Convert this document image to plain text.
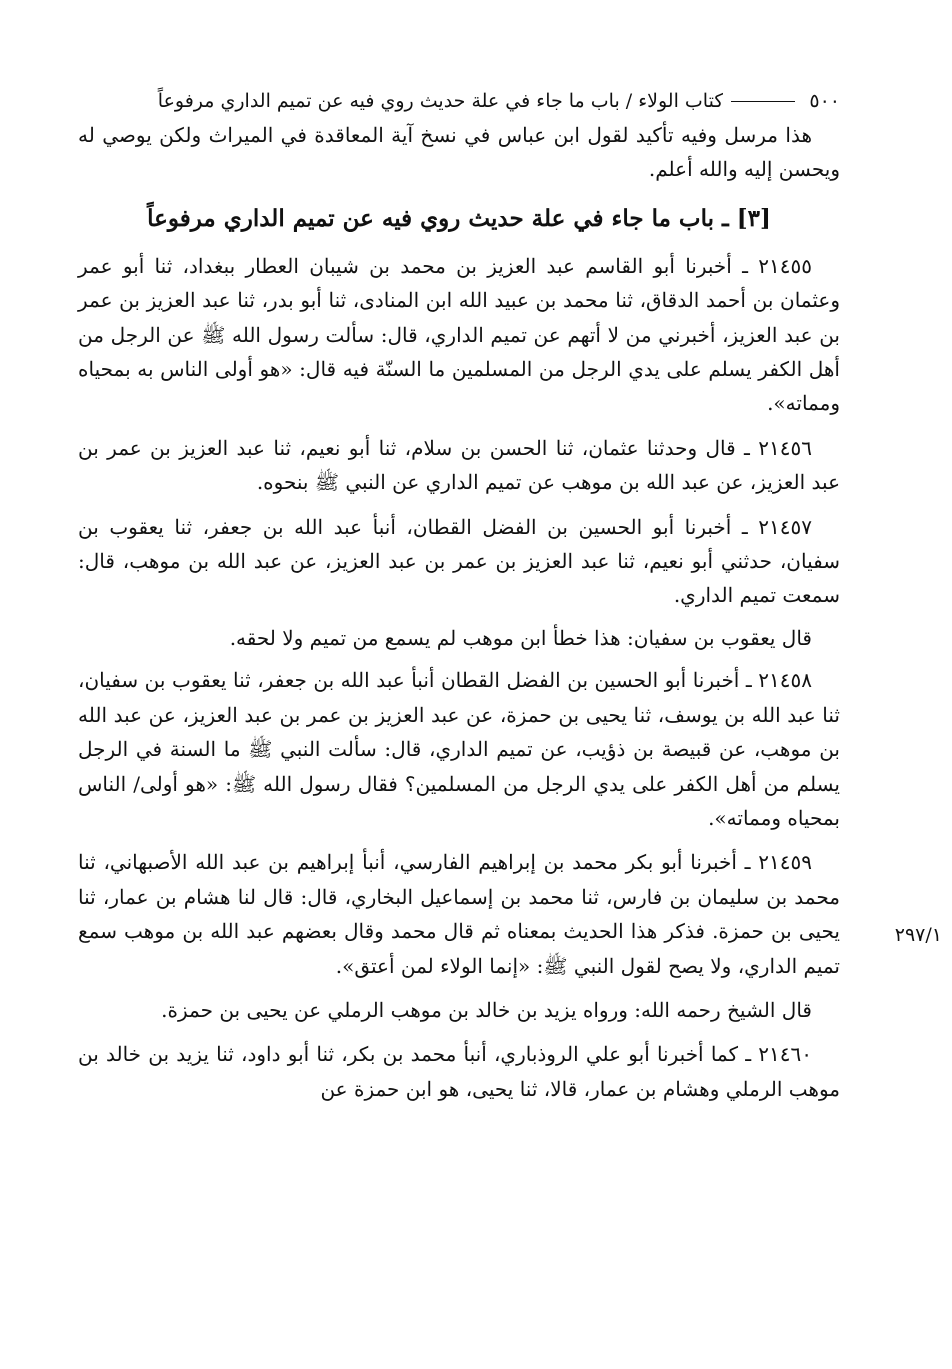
٥٠٠
كتاب الولاء / باب ما جاء في علة حديث روي فيه عن تميم الداري مرفوعاً

هذا مرسل وفيه تأكيد لقول ابن عباس في نسخ آية المعاقدة في الميراث ولكن يوصي له ويحسن إليه والله أعلم.

[٣] ـ باب ما جاء في علة حديث روي فيه عن تميم الداري مرفوعاً

٢١٤٥٥ ـ أخبرنا أبو القاسم عبد العزيز بن محمد بن شيبان العطار ببغداد، ثنا أبو عمر وعثمان بن أحمد الدقاق، ثنا محمد بن عبيد الله ابن المنادى، ثنا أبو بدر، ثنا عبد العزيز بن عمر بن عبد العزيز، أخبرني من لا أتهم عن تميم الداري، قال: سألت رسول الله ﷺ عن الرجل من أهل الكفر يسلم على يدي الرجل من المسلمين ما السنّة فيه قال: «هو أولى الناس به بمحياه ومماته».

٢١٤٥٦ ـ قال وحدثنا عثمان، ثنا الحسن بن سلام، ثنا أبو نعيم، ثنا عبد العزيز بن عمر بن عبد العزيز، عن عبد الله بن موهب عن تميم الداري عن النبي ﷺ بنحوه.

٢١٤٥٧ ـ أخبرنا أبو الحسين بن الفضل القطان، أنبأ عبد الله بن جعفر، ثنا يعقوب بن سفيان، حدثني أبو نعيم، ثنا عبد العزيز بن عمر بن عبد العزيز، عن عبد الله بن موهب، قال: سمعت تميم الداري.

قال يعقوب بن سفيان: هذا خطأ ابن موهب لم يسمع من تميم ولا لحقه.

٢١٤٥٨ ـ أخبرنا أبو الحسين بن الفضل القطان أنبأ عبد الله بن جعفر، ثنا يعقوب بن سفيان، ثنا عبد الله بن يوسف، ثنا يحيى بن حمزة، عن عبد العزيز بن عمر بن عبد العزيز، عن عبد الله بن موهب، عن قبيصة بن ذؤيب، عن تميم الداري، قال: سألت النبي ﷺ ما السنة في الرجل يسلم من أهل الكفر على يدي الرجل من المسلمين؟ فقال رسول الله ﷺ: «هو أولى/ الناس بمحياه ومماته».

٢١٤٥٩ ـ أخبرنا أبو بكر محمد بن إبراهيم الفارسي، أنبأ إبراهيم بن عبد الله الأصبهاني، ثنا محمد بن سليمان بن فارس، ثنا محمد بن إسماعيل البخاري، قال: قال لنا هشام بن عمار، ثنا يحيى بن حمزة. فذكر هذا الحديث بمعناه ثم قال محمد وقال بعضهم عبد الله بن موهب سمع تميم الداري، ولا يصح لقول النبي ﷺ: «إنما الولاء لمن أعتق».

قال الشيخ رحمه الله: ورواه يزيد بن خالد بن موهب الرملي عن يحيى بن حمزة.

٢١٤٦٠ ـ كما أخبرنا أبو علي الروذباري، أنبأ محمد بن بكر، ثنا أبو داود، ثنا يزيد بن خالد بن موهب الرملي وهشام بن عمار، قالا، ثنا يحيى، هو ابن حمزة عن

٢٩٧/١
